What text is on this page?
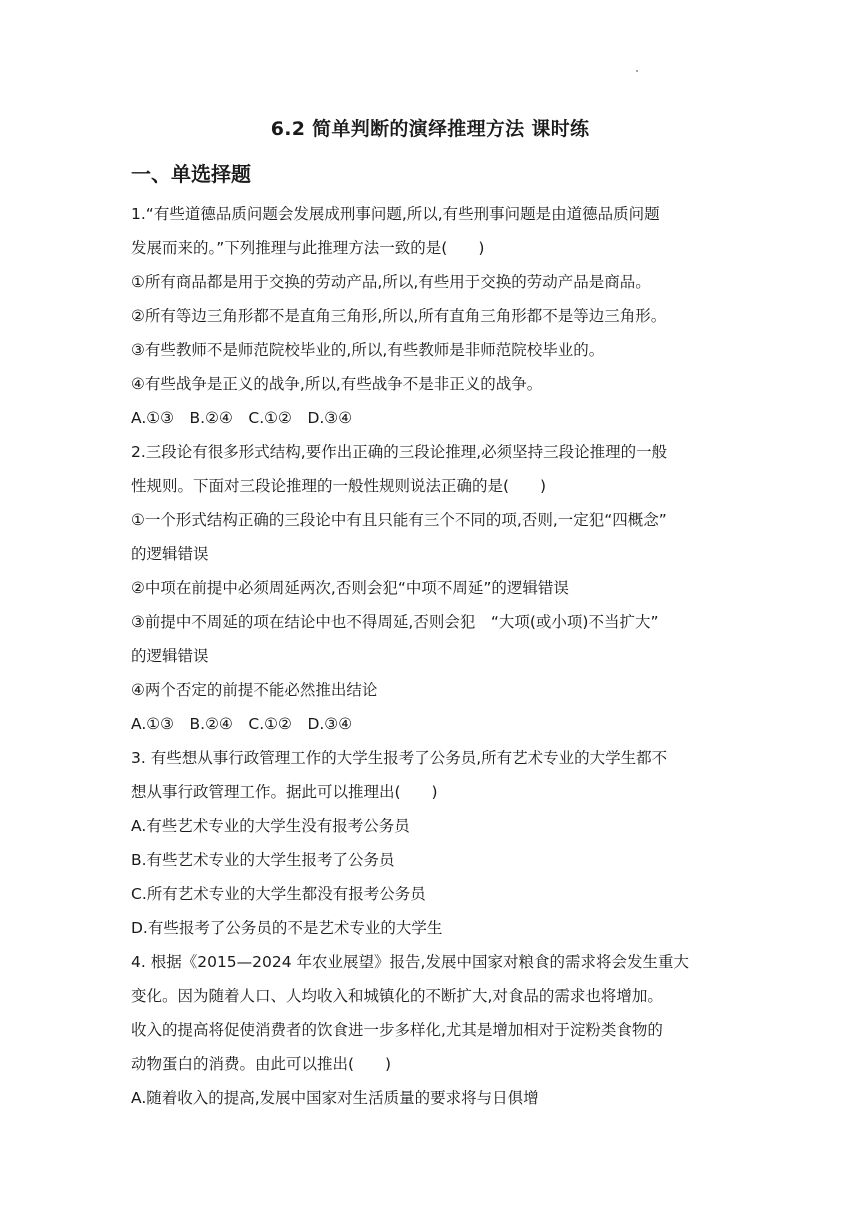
6.2 简单判断的演绎推理方法 课时练
一、单选择题
1.“有些道德品质问题会发展成刑事问题,所以,有些刑事问题是由道德品质问题
发展而来的。”下列推理与此推理方法一致的是(　　)
①所有商品都是用于交换的劳动产品,所以,有些用于交换的劳动产品是商品。
②所有等边三角形都不是直角三角形,所以,所有直角三角形都不是等边三角形。
③有些教师不是师范院校毕业的,所以,有些教师是非师范院校毕业的。
④有些战争是正义的战争,所以,有些战争不是非正义的战争。
A.①③　B.②④　C.①②　D.③④
2.三段论有很多形式结构,要作出正确的三段论推理,必须坚持三段论推理的一般
性规则。下面对三段论推理的一般性规则说法正确的是(　　)
①一个形式结构正确的三段论中有且只能有三个不同的项,否则,一定犯“四概念”
的逻辑错误
②中项在前提中必须周延两次,否则会犯“中项不周延”的逻辑错误
③前提中不周延的项在结论中也不得周延,否则会犯　“大项(或小项)不当扩大”
的逻辑错误
④两个否定的前提不能必然推出结论
A.①③　B.②④　C.①②　D.③④
3. 有些想从事行政管理工作的大学生报考了公务员,所有艺术专业的大学生都不
想从事行政管理工作。据此可以推理出(　　)
A.有些艺术专业的大学生没有报考公务员
B.有些艺术专业的大学生报考了公务员
C.所有艺术专业的大学生都没有报考公务员
D.有些报考了公务员的不是艺术专业的大学生
4. 根据《2015—2024 年农业展望》报告,发展中国家对粮食的需求将会发生重大
变化。因为随着人口、人均收入和城镇化的不断扩大,对食品的需求也将增加。
收入的提高将促使消费者的饮食进一步多样化,尤其是增加相对于淀粉类食物的
动物蛋白的消费。由此可以推出(　　)
A.随着收入的提高,发展中国家对生活质量的要求将与日俱增
